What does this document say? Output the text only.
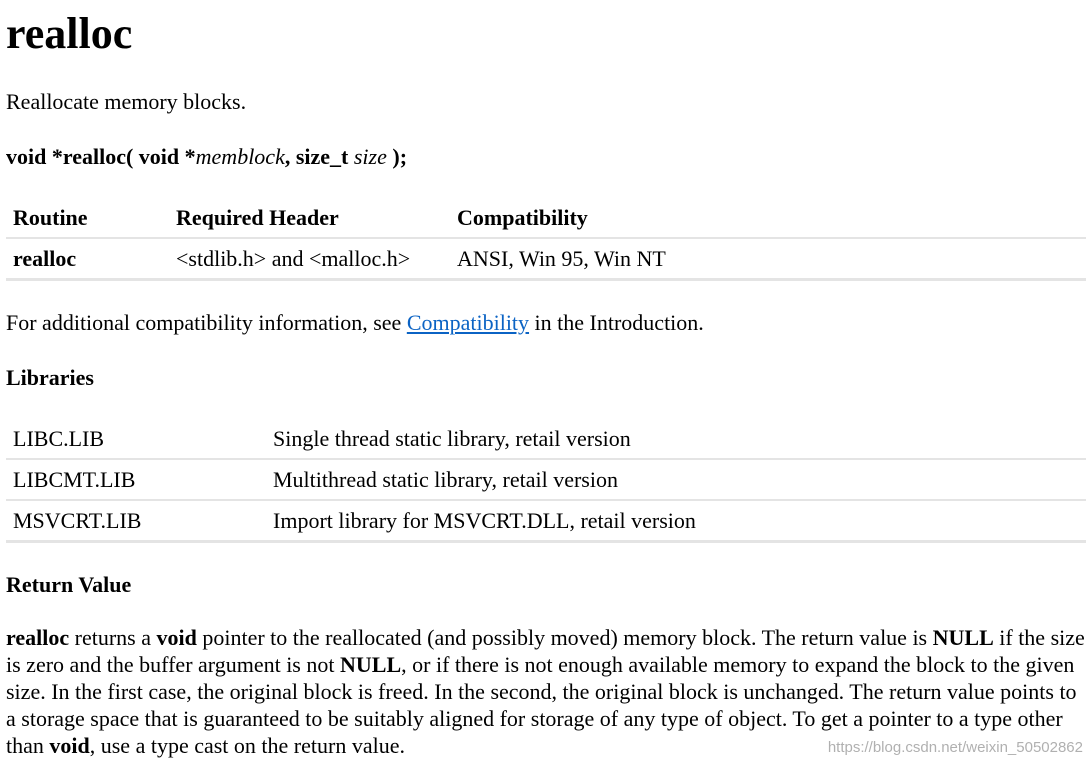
realloc

Reallocate memory blocks.

void *realloc( void *memblock, size_t size );

Routine	Required Header	Compatibility
realloc	<stdlib.h> and <malloc.h>	ANSI, Win 95, Win NT

For additional compatibility information, see Compatibility in the Introduction.

Libraries
LIBC.LIB	Single thread static library, retail version
LIBCMT.LIB	Multithread static library, retail version
MSVCRT.LIB	Import library for MSVCRT.DLL, retail version
Return Value

realloc returns a void pointer to the reallocated (and possibly moved) memory block. The return value is NULL if the size is zero and the buffer argument is not NULL, or if there is not enough available memory to expand the block to the given size. In the first case, the original block is freed. In the second, the original block is unchanged. The return value points to a storage space that is guaranteed to be suitably aligned for storage of any type of object. To get a pointer to a type other than void, use a type cast on the return value.	https://blog.csdn.net/weixin_50502862
